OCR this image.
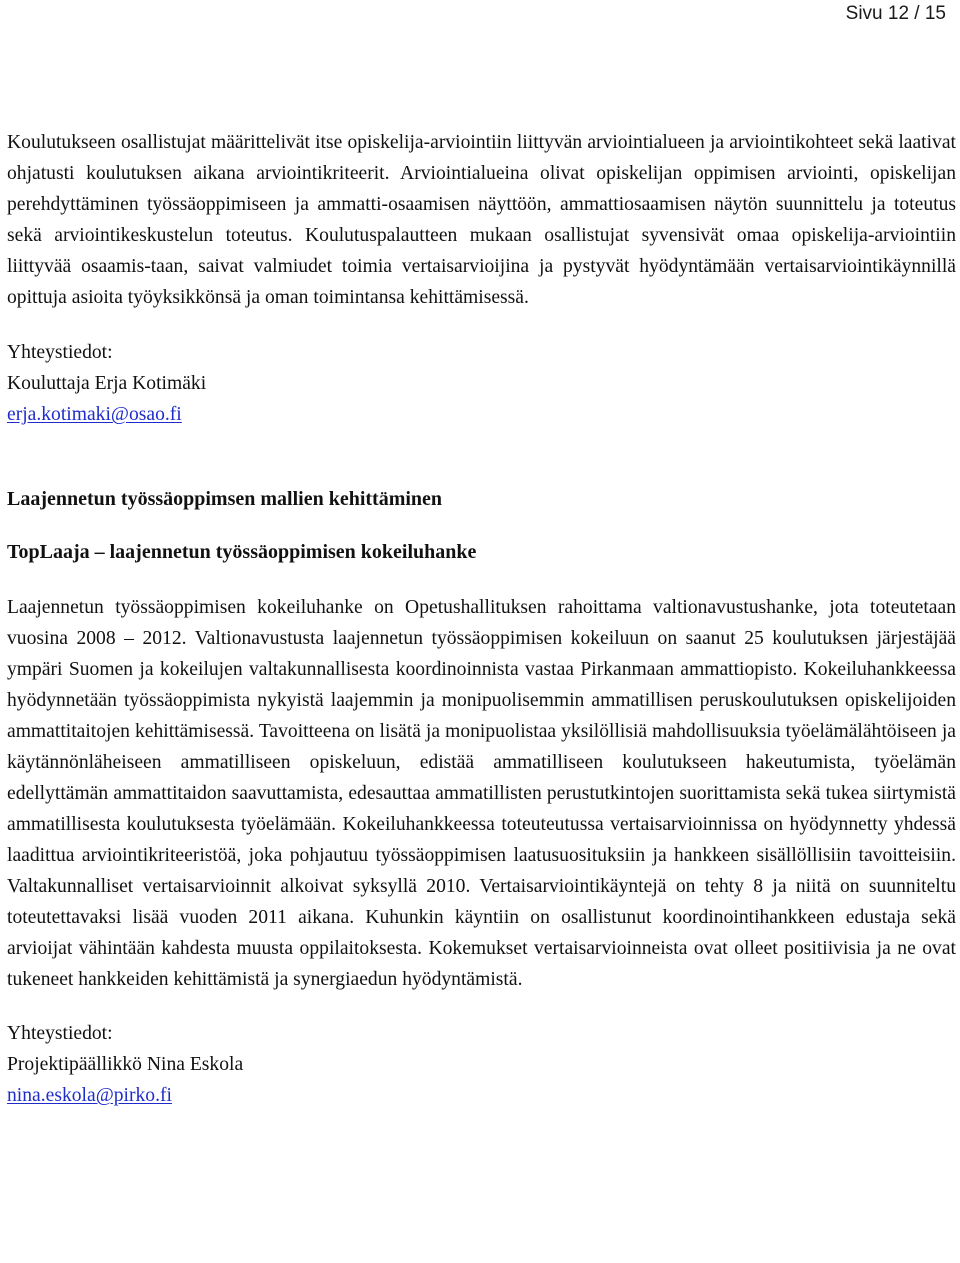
Sivu 12 / 15

Koulutukseen osallistujat määrittelivät itse opiskelija-arviointiin liittyvän arviointialueen ja arviointikohteet sekä laativat ohjatusti koulutuksen aikana arviointikriteerit. Arviointialueina olivat opiskelijan oppimisen arviointi, opiskelijan perehdyttäminen työssäoppimiseen ja ammatti-osaamisen näyttöön, ammattiosaamisen näytön suunnittelu ja toteutus sekä arviointikeskustelun toteutus. Koulutuspalautteen mukaan osallistujat syvensivät omaa opiskelija-arviointiin liittyvää osaamis-taan, saivat valmiudet toimia vertaisarvioijina ja pystyvät hyödyntämään vertaisarviointikäynnillä opittuja asioita työyksikkönsä ja oman toimintansa kehittämisessä.

Yhteystiedot:
Kouluttaja Erja Kotimäki
erja.kotimaki@osao.fi
Laajennetun työssäoppimsen mallien kehittäminen
TopLaaja – laajennetun työssäoppimisen kokeiluhanke

Laajennetun työssäoppimisen kokeiluhanke on Opetushallituksen rahoittama valtionavustushanke, jota toteutetaan vuosina 2008 – 2012. Valtionavustusta laajennetun työssäoppimisen kokeiluun on saanut 25 koulutuksen järjestäjää ympäri Suomen ja kokeilujen valtakunnallisesta koordinoinnista vastaa Pirkanmaan ammattiopisto. Kokeiluhankkeessa hyödynnetään työssäoppimista nykyistä laajemmin ja monipuolisemmin ammatillisen peruskoulutuksen opiskelijoiden ammattitaitojen kehittämisessä. Tavoitteena on lisätä ja monipuolistaa yksilöllisiä mahdollisuuksia työelämälähtöiseen ja käytännönläheiseen ammatilliseen opiskeluun, edistää ammatilliseen koulutukseen hakeutumista, työelämän edellyttämän ammattitaidon saavuttamista, edesauttaa ammatillisten perustutkintojen suorittamista sekä tukea siirtymistä ammatillisesta koulutuksesta työelämään. Kokeiluhankkeessa toteuteutussa vertaisarvioinnissa on hyödynnetty yhdessä laadittua arviointikriteeristöä, joka pohjautuu työssäoppimisen laatusuosituksiin ja hankkeen sisällöllisiin tavoitteisiin. Valtakunnalliset vertaisarvioinnit alkoivat syksyllä 2010. Vertaisarviointikäyntejä on tehty 8 ja niitä on suunniteltu toteutettavaksi lisää vuoden 2011 aikana. Kuhunkin käyntiin on osallistunut koordinointihankkeen edustaja sekä arvioijat vähintään kahdesta muusta oppilaitoksesta. Kokemukset vertaisarvioinneista ovat olleet positiivisia ja ne ovat tukeneet hankkeiden kehittämistä ja synergiaedun hyödyntämistä.

Yhteystiedot:
Projektipäällikkö Nina Eskola
nina.eskola@pirko.fi
